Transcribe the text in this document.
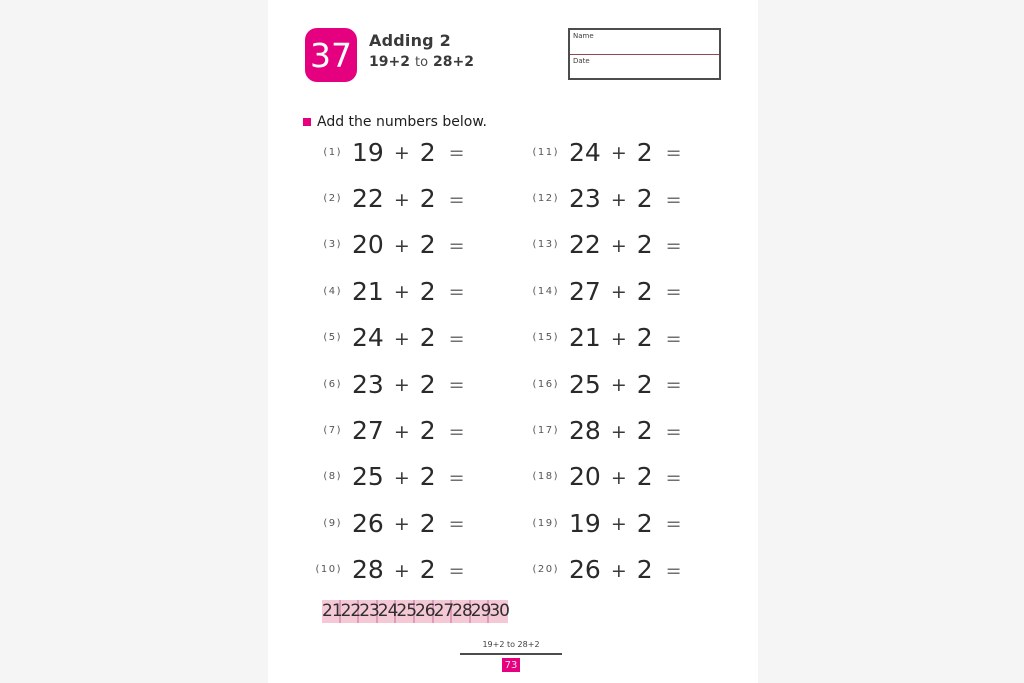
37	Adding 2
19+2 to 28+2
Name
Date
Add the numbers below.
(1) 19 + 2 =
(2) 22 + 2 =
(3) 20 + 2 =
(4) 21 + 2 =
(5) 24 + 2 =
(6) 23 + 2 =
(7) 27 + 2 =
(8) 25 + 2 =
(9) 26 + 2 =
(10) 28 + 2 =
(11) 24 + 2 =
(12) 23 + 2 =
(13) 22 + 2 =
(14) 27 + 2 =
(15) 21 + 2 =
(16) 25 + 2 =
(17) 28 + 2 =
(18) 20 + 2 =
(19) 19 + 2 =
(20) 26 + 2 =
21
22
23
24
25
26
27
28
29
30
19+2 to 28+2
73
